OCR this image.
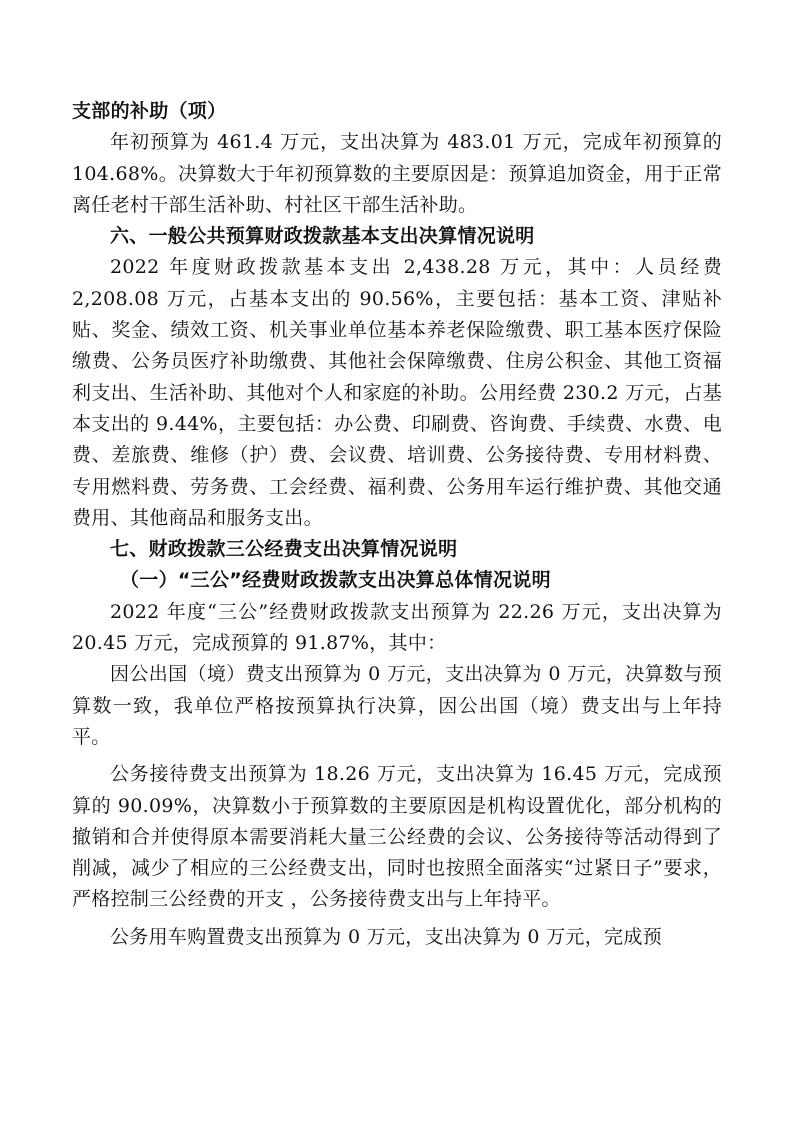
支部的补助（项）

年初预算为 461.4 万元，支出决算为 483.01 万元，完成年初预算的 104.68%。决算数大于年初预算数的主要原因是：预算追加资金，用于正常离任老村干部生活补助、村社区干部生活补助。

六、一般公共预算财政拨款基本支出决算情况说明

2022 年度财政拨款基本支出 2,438.28 万元，其中：人员经费 2,208.08 万元，占基本支出的 90.56%，主要包括：基本工资、津贴补贴、奖金、绩效工资、机关事业单位基本养老保险缴费、职工基本医疗保险缴费、公务员医疗补助缴费、其他社会保障缴费、住房公积金、其他工资福利支出、生活补助、其他对个人和家庭的补助。公用经费 230.2 万元，占基本支出的 9.44%，主要包括：办公费、印刷费、咨询费、手续费、水费、电费、差旅费、维修（护）费、会议费、培训费、公务接待费、专用材料费、专用燃料费、劳务费、工会经费、福利费、公务用车运行维护费、其他交通费用、其他商品和服务支出。

七、财政拨款三公经费支出决算情况说明

（一）“三公”经费财政拨款支出决算总体情况说明

2022 年度“三公”经费财政拨款支出预算为 22.26 万元，支出决算为 20.45 万元，完成预算的 91.87%，其中：

因公出国（境）费支出预算为 0 万元，支出决算为 0 万元，决算数与预算数一致，我单位严格按预算执行决算，因公出国（境）费支出与上年持平。

公务接待费支出预算为 18.26 万元，支出决算为 16.45 万元，完成预算的 90.09%，决算数小于预算数的主要原因是机构设置优化，部分机构的撤销和合并使得原本需要消耗大量三公经费的会议、公务接待等活动得到了削减，减少了相应的三公经费支出，同时也按照全面落实“过紧日子”要求，严格控制三公经费的开支 ，公务接待费支出与上年持平。

公务用车购置费支出预算为 0 万元，支出决算为 0 万元，完成预
